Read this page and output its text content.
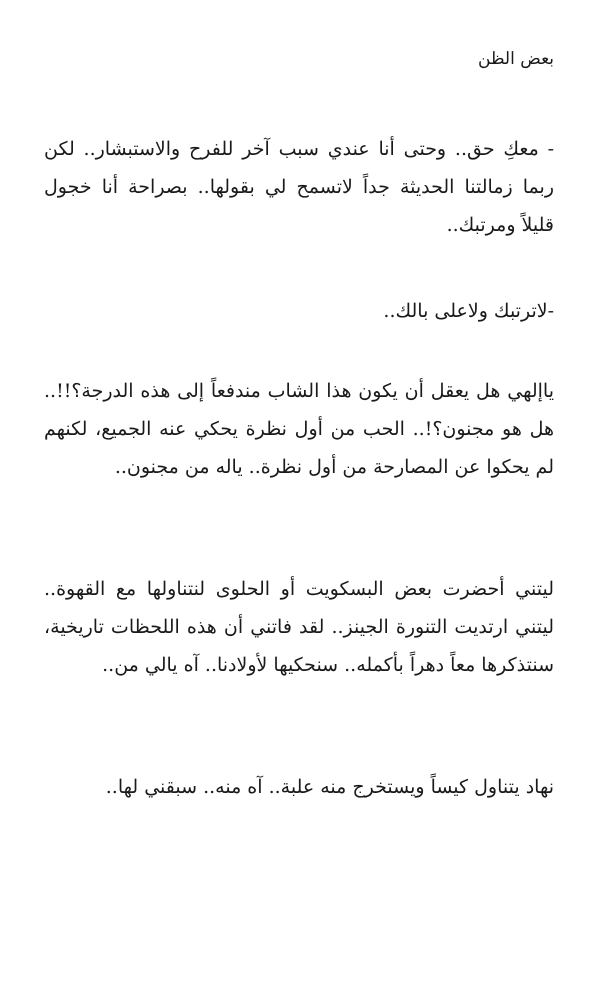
بعض الظن

- معكِ حق.. وحتى أنا عندي سبب آخر للفرح والاستبشار.. لكن ربما زمالتنا الحديثة جداً لاتسمح لي بقولها.. بصراحة أنا خجول قليلاً ومرتبك..

-لاترتبك ولاعلى بالك..

ياإلهي هل يعقل أن يكون هذا الشاب مندفعاً إلى هذه الدرجة؟!!.. هل هو مجنون؟!.. الحب من أول نظرة يحكي عنه الجميع، لكنهم لم يحكوا عن المصارحة من أول نظرة.. ياله من مجنون..

ليتني أحضرت بعض البسكويت أو الحلوى لنتناولها مع القهوة.. ليتني ارتديت التنورة الجينز.. لقد فاتني أن هذه اللحظات تاريخية، سنتذكرها معاً دهراً بأكمله.. سنحكيها لأولادنا.. آه يالي من..

نهاد يتناول كيساً ويستخرج منه علبة.. آه منه.. سبقني لها..
